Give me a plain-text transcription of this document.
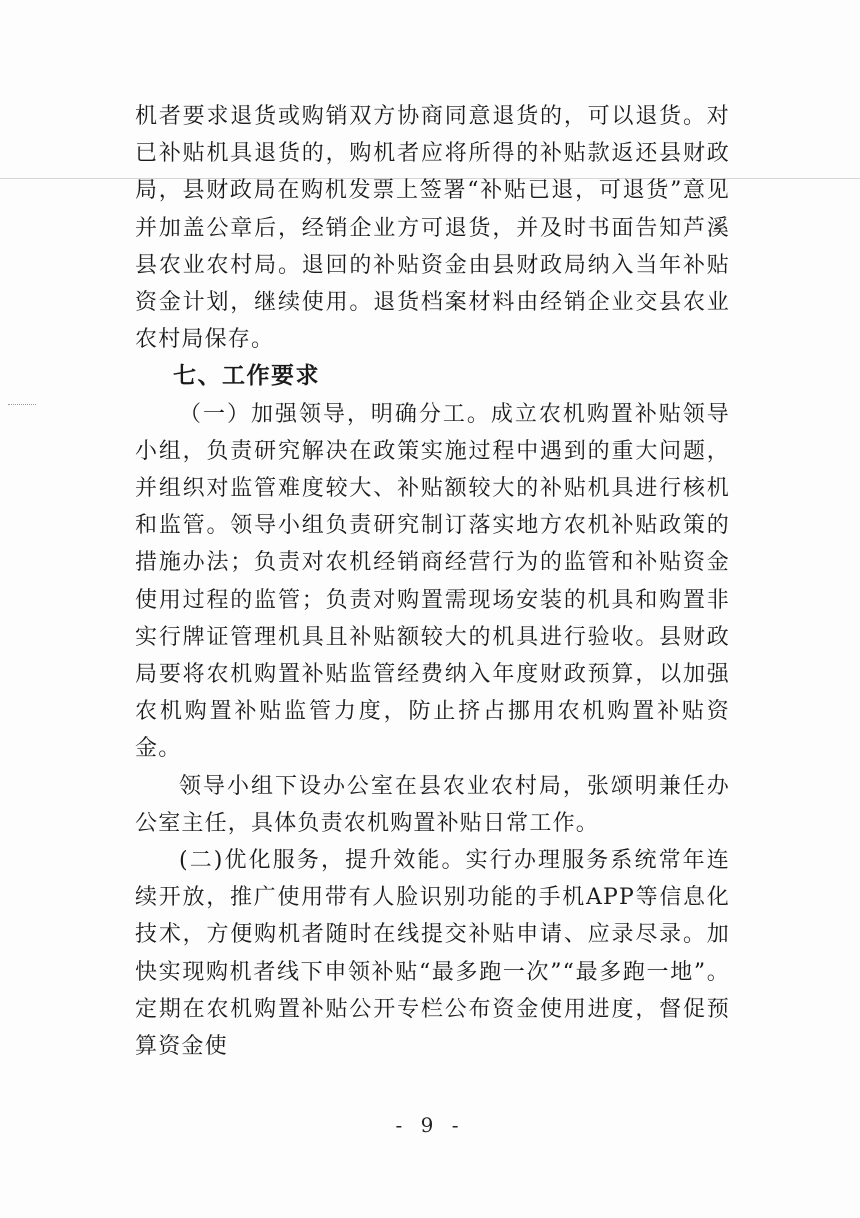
机者要求退货或购销双方协商同意退货的，可以退货。对已补贴机具退货的，购机者应将所得的补贴款返还县财政局，县财政局在购机发票上签署“补贴已退，可退货”意见并加盖公章后，经销企业方可退货，并及时书面告知芦溪县农业农村局。退回的补贴资金由县财政局纳入当年补贴资金计划，继续使用。退货档案材料由经销企业交县农业农村局保存。

七、工作要求

（一）加强领导，明确分工。成立农机购置补贴领导小组，负责研究解决在政策实施过程中遇到的重大问题，并组织对监管难度较大、补贴额较大的补贴机具进行核机和监管。领导小组负责研究制订落实地方农机补贴政策的措施办法；负责对农机经销商经营行为的监管和补贴资金使用过程的监管；负责对购置需现场安装的机具和购置非实行牌证管理机具且补贴额较大的机具进行验收。县财政局要将农机购置补贴监管经费纳入年度财政预算，以加强农机购置补贴监管力度，防止挤占挪用农机购置补贴资金。

领导小组下设办公室在县农业农村局，张颂明兼任办公室主任，具体负责农机购置补贴日常工作。

(二)优化服务，提升效能。实行办理服务系统常年连续开放，推广使用带有人脸识别功能的手机APP等信息化技术，方便购机者随时在线提交补贴申请、应录尽录。加快实现购机者线下申领补贴“最多跑一次”“最多跑一地”。定期在农机购置补贴公开专栏公布资金使用进度，督促预算资金使

- 9 -
